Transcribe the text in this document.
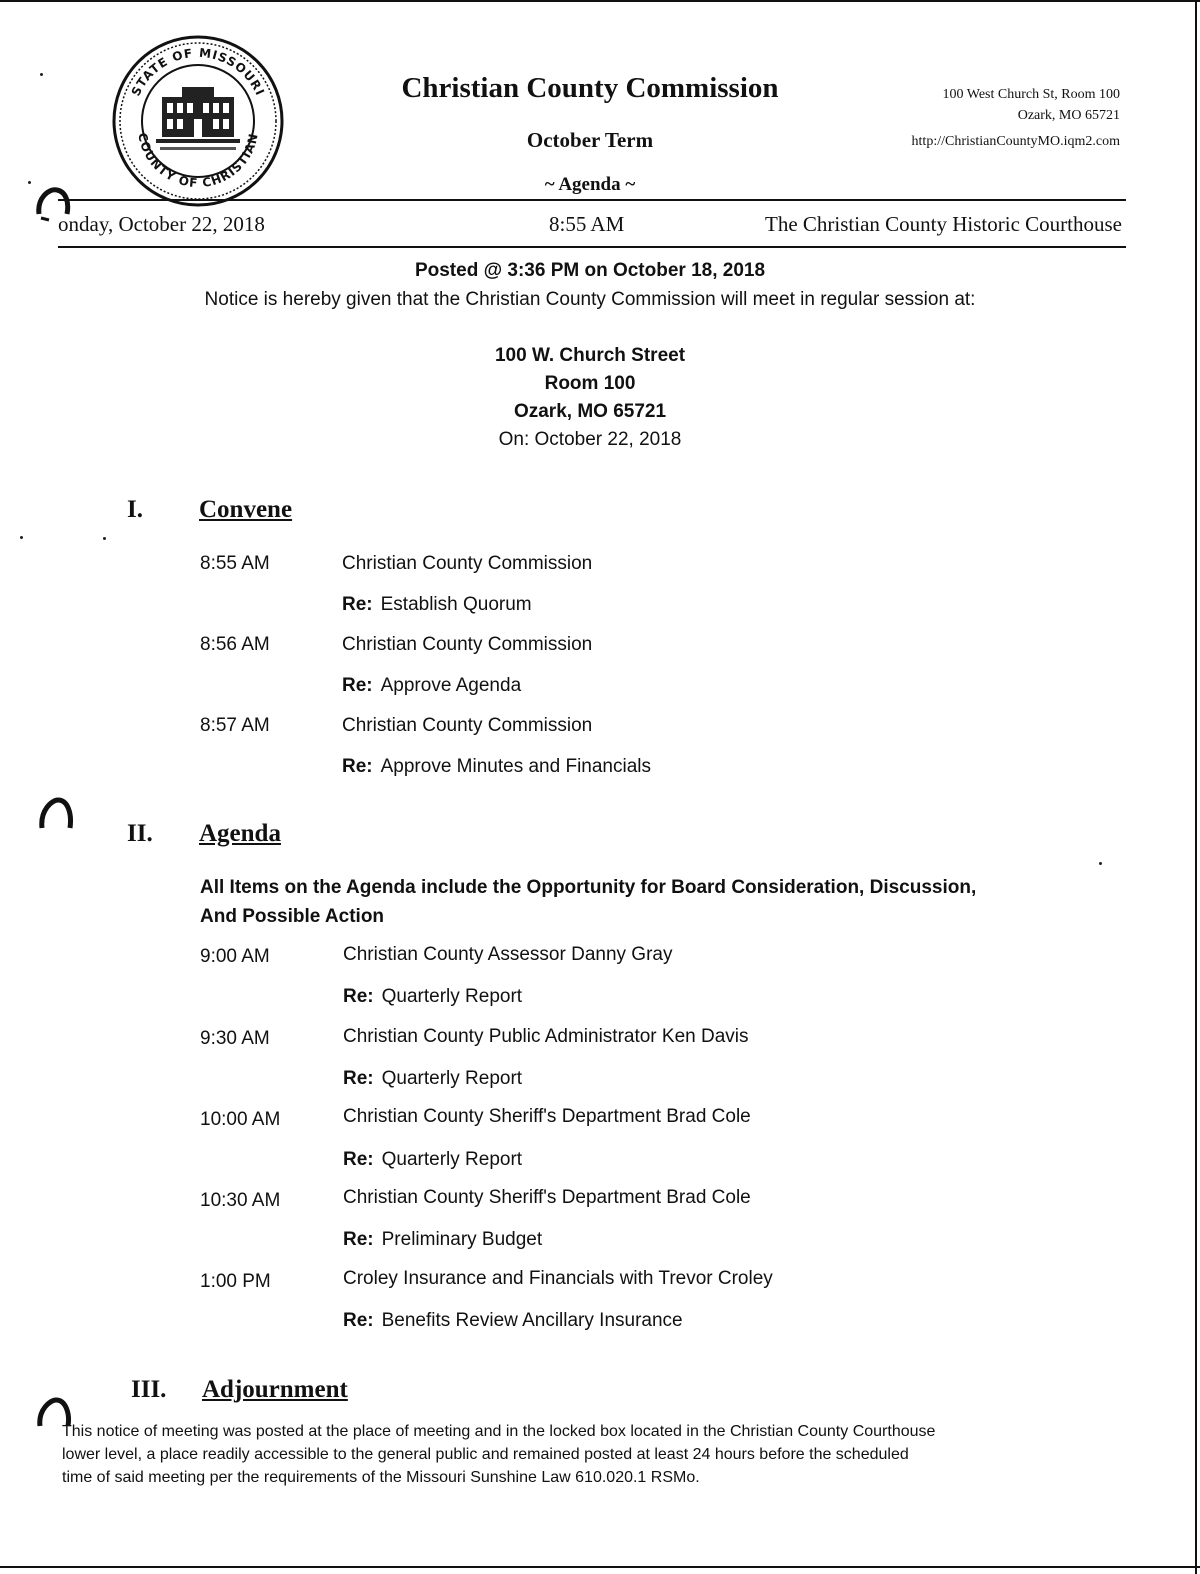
STATE OF MISSOURI
COUNTY OF CHRISTIAN
Christian County Commission
October Term
~ Agenda ~
100 West Church St, Room 100
Ozark, MO 65721
http://ChristianCountyMO.iqm2.com
onday, October 22, 2018	8:55 AM	The Christian County Historic Courthouse
Posted @ 3:36 PM on October 18, 2018
Notice is hereby given that the Christian County Commission will meet in regular session at:
100 W. Church Street
Room 100
Ozark, MO 65721
On: October 22, 2018
I. Convene
8:55 AM	Christian County Commission
Re: Establish Quorum
8:56 AM	Christian County Commission
Re: Approve Agenda
8:57 AM	Christian County Commission
Re: Approve Minutes and Financials
II. Agenda
All Items on the Agenda include the Opportunity for Board Consideration, Discussion,
And Possible Action
9:00 AM	Christian County Assessor Danny Gray
Re: Quarterly Report
9:30 AM	Christian County Public Administrator Ken Davis
Re: Quarterly Report
10:00 AM	Christian County Sheriff's Department Brad Cole
Re: Quarterly Report
10:30 AM	Christian County Sheriff's Department Brad Cole
Re: Preliminary Budget
1:00 PM	Croley Insurance and Financials with Trevor Croley
Re: Benefits Review Ancillary Insurance
III. Adjournment
This notice of meeting was posted at the place of meeting and in the locked box located in the Christian County Courthouse
lower level, a place readily accessible to the general public and remained posted at least 24 hours before the scheduled
time of said meeting per the requirements of the Missouri Sunshine Law 610.020.1 RSMo.
